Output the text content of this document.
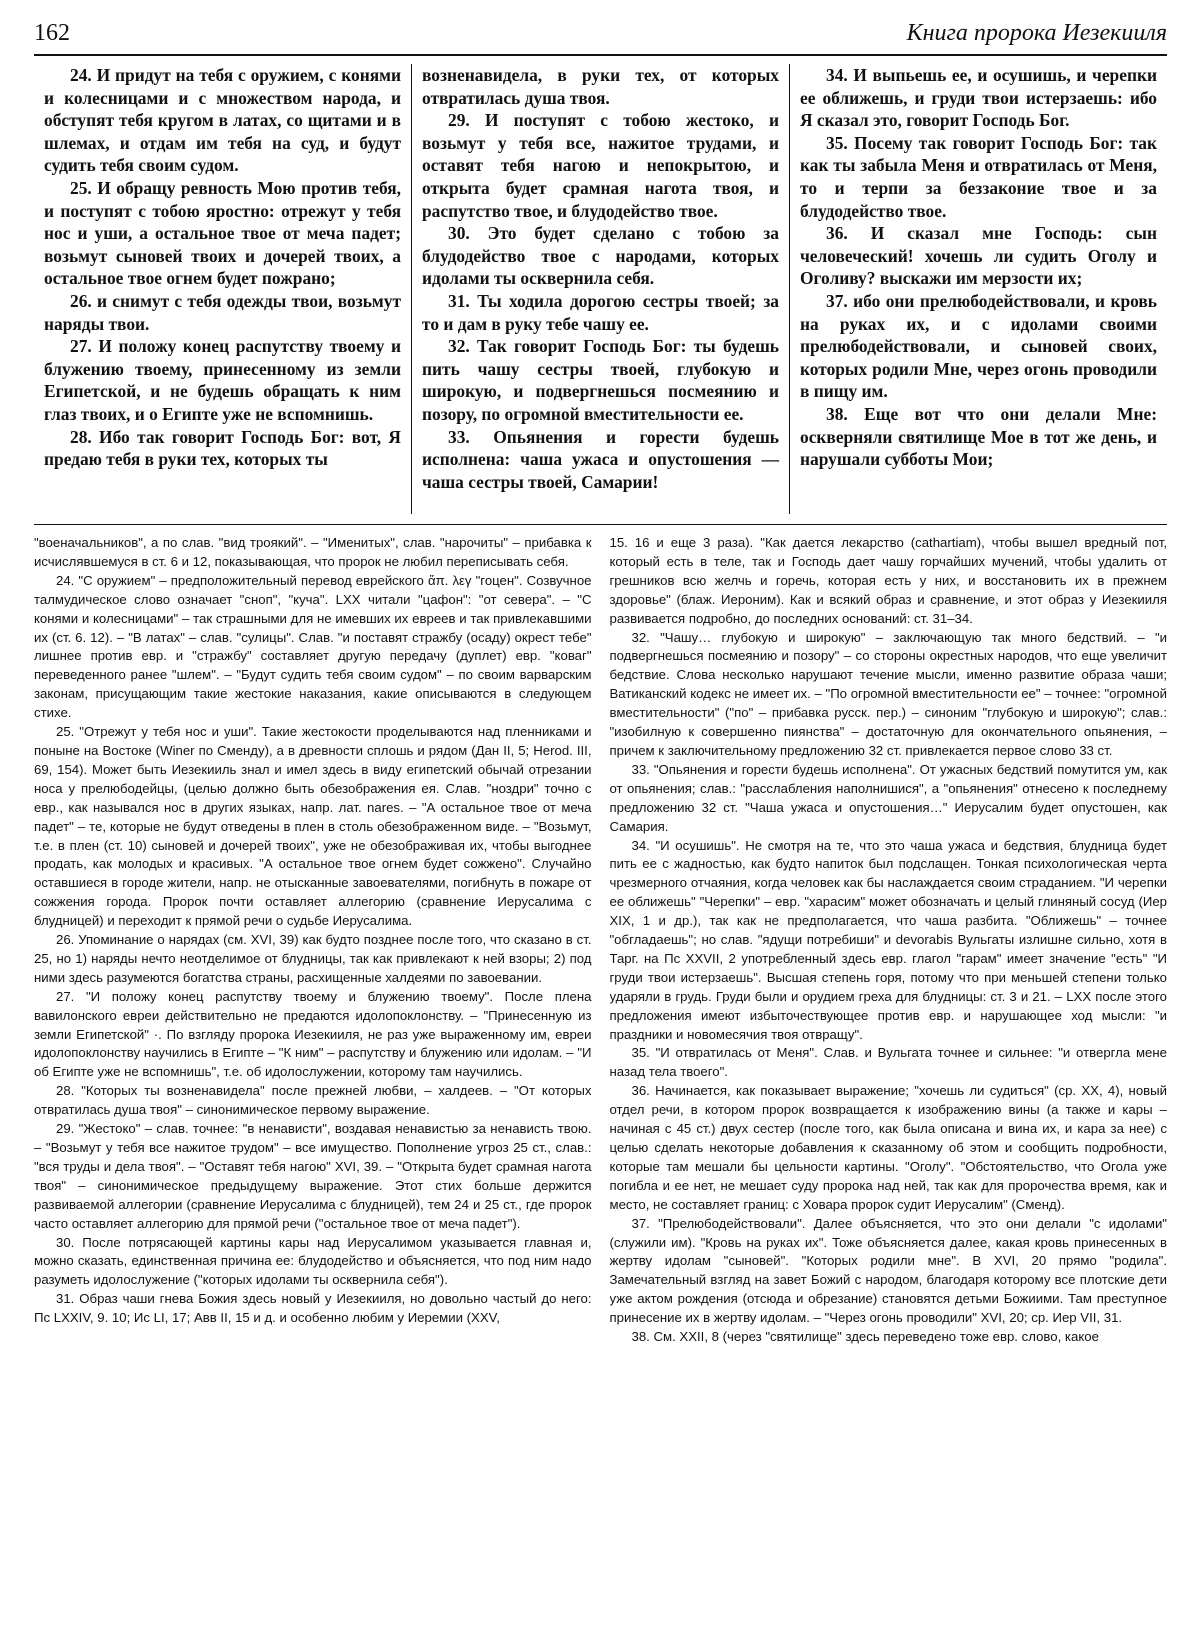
162	Книга пророка Иезекииля

24. И придут на тебя с оружием, с конями и колесницами и с множеством народа, и обступят тебя кругом в латах, со щитами и в шлемах, и отдам им тебя на суд, и будут судить тебя своим судом.

25. И обращу ревность Мою против тебя, и поступят с тобою яростно: отрежут у тебя нос и уши, а остальное твое от меча падет; возьмут сыновей твоих и дочерей твоих, а остальное твое огнем будет пожрано;

26. и снимут с тебя одежды твои, возьмут наряды твои.

27. И положу конец распутству твоему и блужению твоему, принесенному из земли Египетской, и не будешь обращать к ним глаз твоих, и о Египте уже не вспомнишь.

28. Ибо так говорит Господь Бог: вот, Я предаю тебя в руки тех, которых ты

возненавидела, в руки тех, от которых отвратилась душа твоя.

29. И поступят с тобою жестоко, и возьмут у тебя все, нажитое трудами, и оставят тебя нагою и непокрытою, и открыта будет срамная нагота твоя, и распутство твое, и блудодейство твое.

30. Это будет сделано с тобою за блудодейство твое с народами, которых идолами ты осквернила себя.

31. Ты ходила дорогою сестры твоей; за то и дам в руку тебе чашу ее.

32. Так говорит Господь Бог: ты будешь пить чашу сестры твоей, глубокую и широкую, и подвергнешься посмеянию и позору, по огромной вместительности ее.

33. Опьянения и горести будешь исполнена: чаша ужаса и опустошения — чаша сестры твоей, Самарии!

34. И выпьешь ее, и осушишь, и черепки ее оближешь, и груди твои истерзаешь: ибо Я сказал это, говорит Господь Бог.

35. Посему так говорит Господь Бог: так как ты забыла Меня и отвратилась от Меня, то и терпи за беззаконие твое и за блудодейство твое.

36. И сказал мне Господь: сын человеческий! хочешь ли судить Оголу и Оголиву? выскажи им мерзости их;

37. ибо они прелюбодействовали, и кровь на руках их, и с идолами своими прелюбодействовали, и сыновей своих, которых родили Мне, через огонь проводили в пищу им.

38. Еще вот что они делали Мне: оскверняли святилище Мое в тот же день, и нарушали субботы Мои;

"военачальников", а по слав. "вид троякий". – "Именитых", слав. "нарочиты" – прибавка к исчислявшемуся в ст. 6 и 12, показывающая, что пророк не любил переписывать себя.

24. "С оружием" – предположительный перевод еврейского ἅπ. λεγ "гоцен". Созвучное талмудическое слово означает "сноп", "куча". LXX читали "цафон": "от севера". – "С конями и колесницами" – так страшными для не имевших их евреев и так привлекавшими их (ст. 6. 12). – "В латах" – слав. "сулицы". Слав. "и поставят стражбу (осаду) окрест тебе" лишнее против евр. и "стражбу" составляет другую передачу (дуплет) евр. "коваг" переведенного ранее "шлем". – "Будут судить тебя своим судом" – по своим варварским законам, присущающим такие жестокие наказания, какие описываются в следующем стихе.

25. "Отрежут у тебя нос и уши". Такие жестокости проделываются над пленниками и поныне на Востоке (Winer по Сменду), а в древности сплошь и рядом (Дан II, 5; Herod. III, 69, 154). Может быть Иезекииль знал и имел здесь в виду египетский обычай отрезании носа у прелюбодейцы, (целью должно быть обезображения ея. Слав. "ноздри" точно с евр., как назывался нос в других языках, напр. лат. nares. – "А остальное твое от меча падет" – те, которые не будут отведены в плен в столь обезображенном виде. – "Возьмут, т.е. в плен (ст. 10) сыновей и дочерей твоих", уже не обезображивая их, чтобы выгоднее продать, как молодых и красивых. "А остальное твое огнем будет сожжено". Случайно оставшиеся в городе жители, напр. не отысканные завоевателями, погибнуть в пожаре от сожжения города. Пророк почти оставляет аллегорию (сравнение Иерусалима с блудницей) и переходит к прямой речи о судьбе Иерусалима.

26. Упоминание о нарядах (см. XVI, 39) как будто позднее после того, что сказано в ст. 25, но 1) наряды нечто неотделимое от блудницы, так как привлекают к ней взоры; 2) под ними здесь разумеются богатства страны, расхищенные халдеями по завоевании.

27. "И положу конец распутству твоему и блужению твоему". После плена вавилонского евреи действительно не предаются идолопоклонству. – "Принесенную из земли Египетской" ·. По взгляду пророка Иезекииля, не раз уже выраженному им, евреи идолопоклонству научились в Египте – "К ним" – распутству и блужению или идолам. – "И об Египте уже не вспомнишь", т.е. об идолослужении, которому там научились.

28. "Которых ты возненавидела" после прежней любви, – халдеев. – "От которых отвратилась душа твоя" – синонимическое первому выражение.

29. "Жестоко" – слав. точнее: "в ненависти", воздавая ненавистью за ненависть твою. – "Возьмут у тебя все нажитое трудом" – все имущество. Пополнение угроз 25 ст., слав.: "вся труды и дела твоя". – "Оставят тебя нагою" XVI, 39. – "Открыта будет срамная нагота твоя" – синонимическое предыдущему выражение. Этот стих больше держится развиваемой аллегории (сравнение Иерусалима с блудницей), тем 24 и 25 ст., где пророк часто оставляет аллегорию для прямой речи ("остальное твое от меча падет").

30. После потрясающей картины кары над Иерусалимом указывается главная и, можно сказать, единственная причина ее: блудодейство и объясняется, что под ним надо разуметь идолослужение ("которых идолами ты осквернила себя").

31. Образ чаши гнева Божия здесь новый у Иезекииля, но довольно частый до него: Пс LXXIV, 9. 10; Ис LI, 17; Авв II, 15 и д. и особенно любим у Иеремии (XXV,

15. 16 и еще 3 раза). "Как дается лекарство (cathartiam), чтобы вышел вредный пот, который есть в теле, так и Господь дает чашу горчайших мучений, чтобы удалить от грешников всю желчь и горечь, которая есть у них, и восстановить их в прежнем здоровье" (блаж. Иероним). Как и всякий образ и сравнение, и этот образ у Иезекииля развивается подробно, до последних оснований: ст. 31–34.

32. "Чашу… глубокую и широкую" – заключающую так много бедствий. – "и подвергнешься посмеянию и позору" – со стороны окрестных народов, что еще увеличит бедствие. Слова несколько нарушают течение мысли, именно развитие образа чаши; Ватиканский кодекс не имеет их. – "По огромной вместительности ее" – точнее: "огромной вместительности" ("по" – прибавка русск. пер.) – синоним "глубокую и широкую"; слав.: "изобилную к совершенно пиянства" – достаточную для окончательного опьянения, – причем к заключительному предложению 32 ст. привлекается первое слово 33 ст.

33. "Опьянения и горести будешь исполнена". От ужасных бедствий помутится ум, как от опьянения; слав.: "расслабления наполнишися", а "опьянения" отнесено к последнему предложению 32 ст. "Чаша ужаса и опустошения…" Иерусалим будет опустошен, как Самария.

34. "И осушишь". Не смотря на те, что это чаша ужаса и бедствия, блудница будет пить ее с жадностью, как будто напиток был подслащен. Тонкая психологическая черта чрезмерного отчаяния, когда человек как бы наслаждается своим страданием. "И черепки ее оближешь" "Черепки" – евр. "харасим" может обозначать и целый глиняный сосуд (Иер XIX, 1 и др.), так как не предполагается, что чаша разбита. "Оближешь" – точнее "обгладаешь"; но слав. "ядущи потребиши" и devorabis Вульгаты излишне сильно, хотя в Тарг. на Пс XXVII, 2 употребленный здесь евр. глагол "гарам" имеет значение "есть" "И груди твои истерзаешь". Высшая степень горя, потому что при меньшей степени только ударяли в грудь. Груди были и орудием греха для блудницы: ст. 3 и 21. – LXX после этого предложения имеют избыточествующее против евр. и нарушающее ход мысли: "и праздники и новомесячия твоя отвращу".

35. "И отвратилась от Меня". Слав. и Вульгата точнее и сильнее: "и отвергла мене назад тела твоего".

36. Начинается, как показывает выражение; "хочешь ли судиться" (ср. XX, 4), новый отдел речи, в котором пророк возвращается к изображению вины (а также и кары – начиная с 45 ст.) двух сестер (после того, как была описана и вина их, и кара за нее) с целью сделать некоторые добавления к сказанному об этом и сообщить подробности, которые там мешали бы цельности картины. "Оголу". "Обстоятельство, что Огола уже погибла и ее нет, не мешает суду пророка над ней, так как для пророчества время, как и место, не составляет границ: с Ховара пророк судит Иерусалим" (Сменд).

37. "Прелюбодействовали". Далее объясняется, что это они делали "с идолами" (служили им). "Кровь на руках их". Тоже объясняется далее, какая кровь принесенных в жертву идолам "сыновей". "Которых родили мне". В XVI, 20 прямо "родила". Замечательный взгляд на завет Божий с народом, благодаря которому все плотские дети уже актом рождения (отсюда и обрезание) становятся детьми Божиими. Там преступное принесение их в жертву идолам. – "Через огонь проводили" XVI, 20; ср. Иер VII, 31.

38. См. XXII, 8 (через "святилище" здесь переведено тоже евр. слово, какое
